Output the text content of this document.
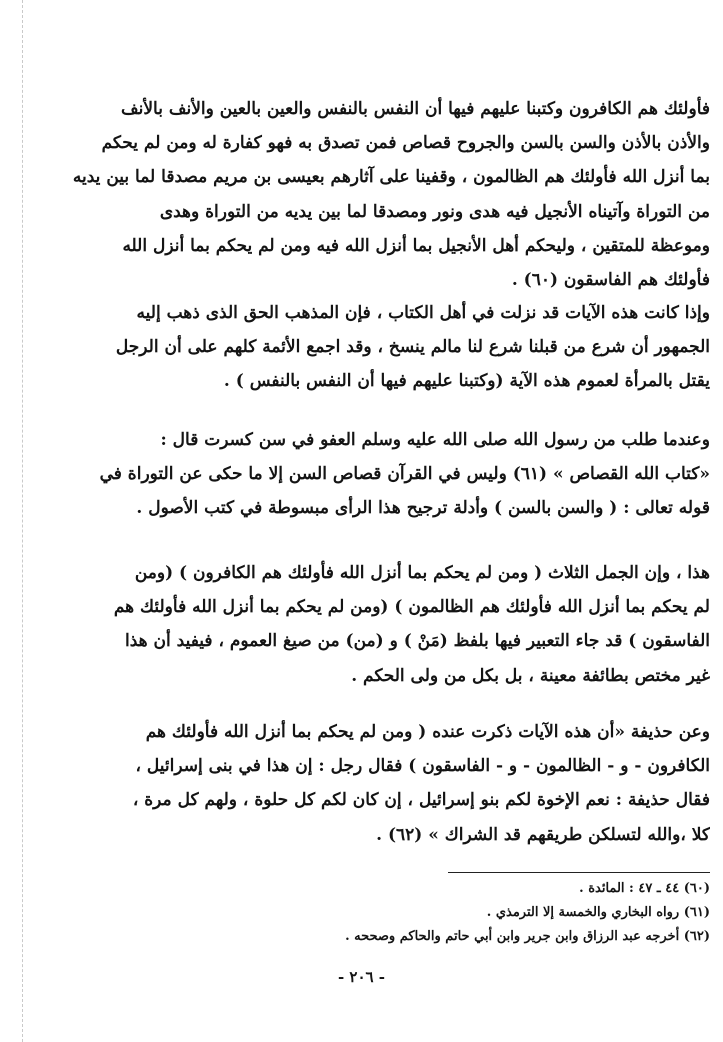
فأولئك هم الكافرون وكتبنا عليهم فيها أن النفس بالنفس والعين بالعين والأنف بالأنف
والأذن بالأذن والسن بالسن والجروح قصاص فمن تصدق به فهو كفارة له ومن لم يحكم
بما أنزل الله فأولئك هم الظالمون ، وقفينا على آثارهم بعيسى بن مريم مصدقا لما بين يديه
من التوراة وآتيناه الأنجيل فيه هدى ونور ومصدقا لما بين يديه من التوراة وهدى
وموعظة للمتقين ، وليحكم أهل الأنجيل بما أنزل الله فيه ومن لم يحكم بما أنزل الله
فأولئك هم الفاسقون (٦٠) .
وإذا كانت هذه الآيات قد نزلت في أهل الكتاب ، فإن المذهب الحق الذى ذهب إليه
الجمهور أن شرع من قبلنا شرع لنا مالم ينسخ ، وقد اجمع الأئمة كلهم على أن الرجل
يقتل بالمرأة لعموم هذه الآية (وكتبنا عليهم فيها أن النفس بالنفس ) .
وعندما طلب من رسول الله صلى الله عليه وسلم العفو في سن كسرت قال :
«كتاب الله القصاص » (٦١) وليس في القرآن قصاص السن إلا ما حكى عن التوراة في
قوله تعالى : ( والسن بالسن ) وأدلة ترجيح هذا الرأى مبسوطة في كتب الأصول .
هذا ، وإن الجمل الثلاث ( ومن لم يحكم بما أنزل الله فأولئك هم الكافرون ) (ومن
لم يحكم بما أنزل الله فأولئك هم الظالمون ) (ومن لم يحكم بما أنزل الله فأولئك هم
الفاسقون ) قد جاء التعبير فيها بلفظ (مَنْ ) و (من) من صيغ العموم ، فيفيد أن هذا
غير مختص بطائفة معينة ، بل بكل من ولى الحكم .
وعن حذيفة «أن هذه الآيات ذكرت عنده ( ومن لم يحكم بما أنزل الله فأولئك هم
الكافرون - و - الظالمون - و - الفاسقون ) فقال رجل : إن هذا في بنى إسرائيل ،
فقال حذيفة : نعم الإخوة لكم بنو إسرائيل ، إن كان لكم كل حلوة ، ولهم كل مرة ،
كلا ،والله لتسلكن طريقهم قد الشراك » (٦٢) .
(٦٠) ٤٤ ـ ٤٧ : المائدة .
(٦١) رواه البخاري والخمسة إلا الترمذي .
(٦٢) أخرجه عبد الرزاق وابن جرير وابن أبي حاتم والحاكم وصححه .
- ٢٠٦ -
